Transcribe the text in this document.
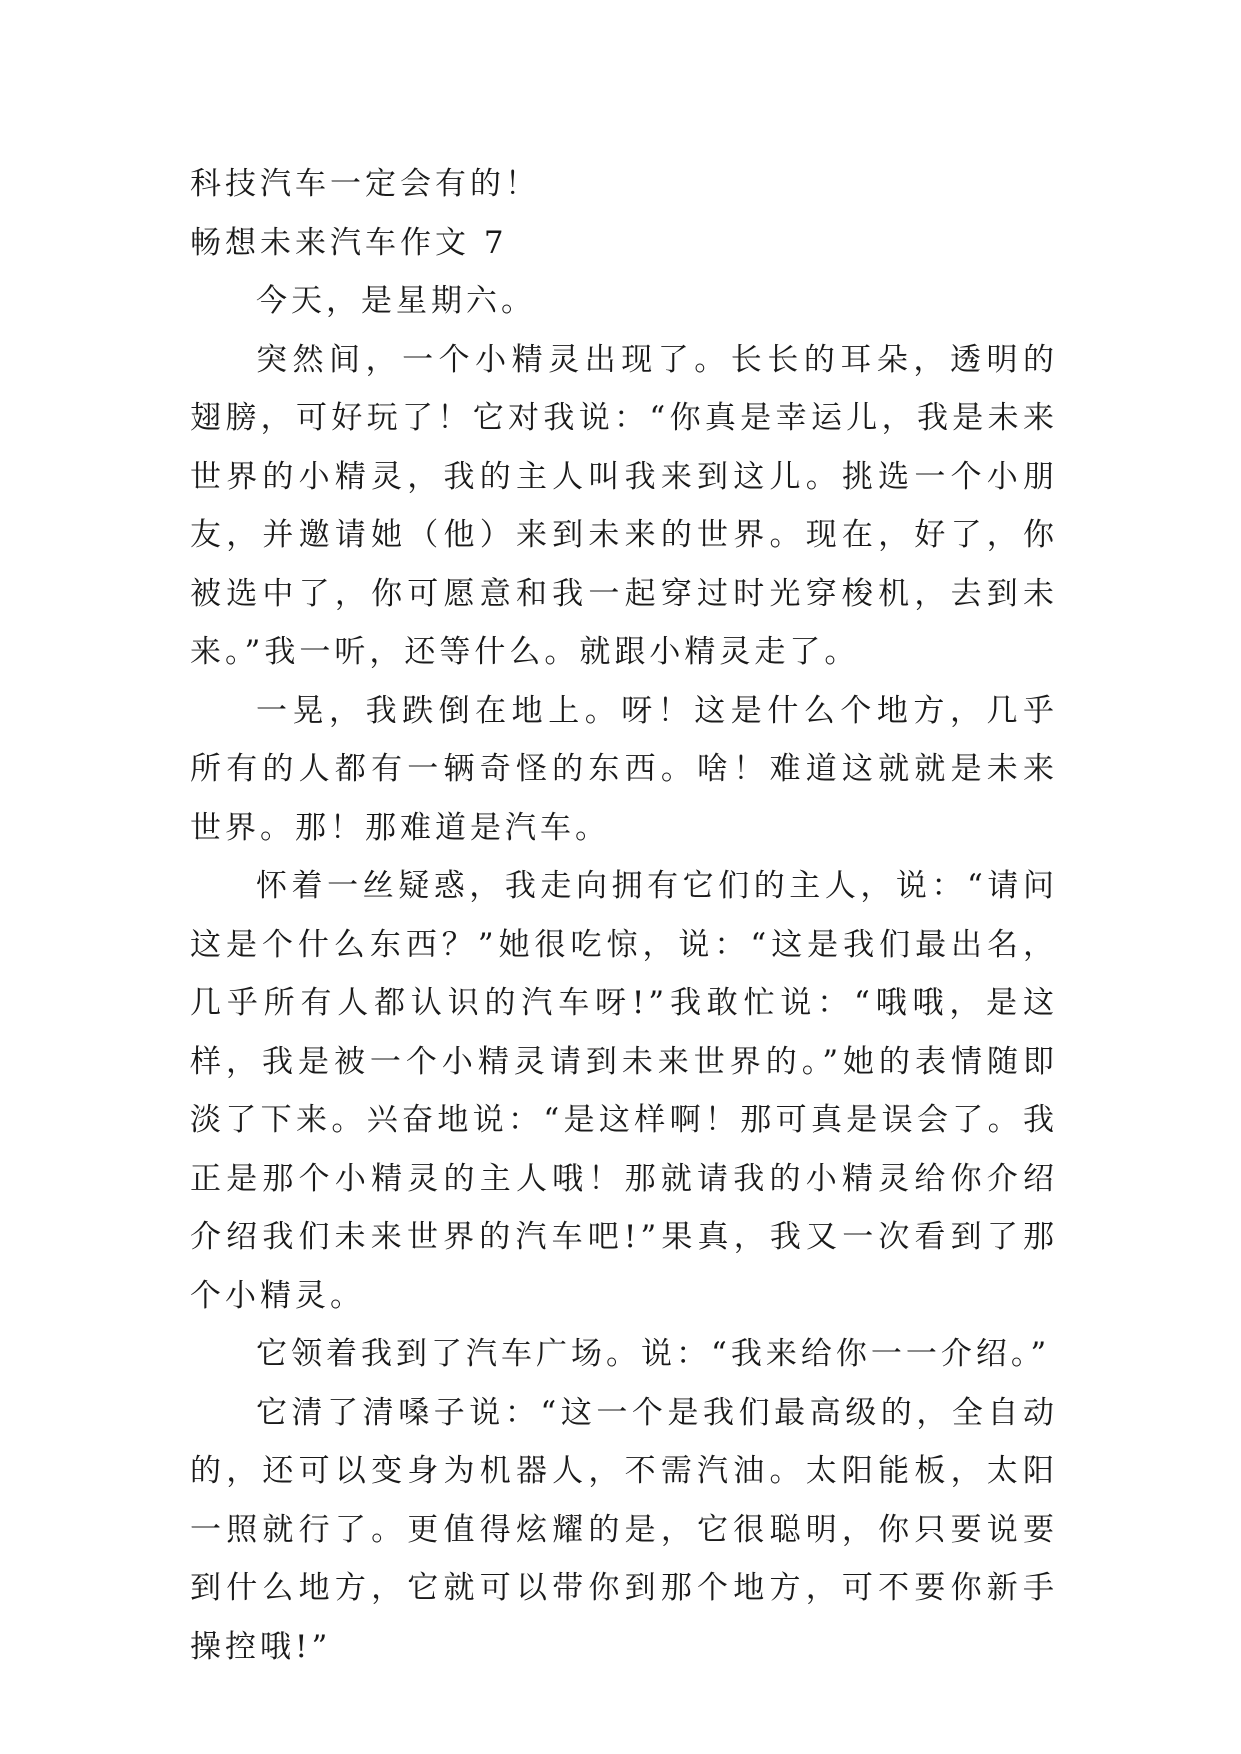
科技汽车一定会有的！

畅想未来汽车作文 7

今天，是星期六。

突然间，一个小精灵出现了。长长的耳朵，透明的翅膀，可好玩了！它对我说：“你真是幸运儿，我是未来世界的小精灵，我的主人叫我来到这儿。挑选一个小朋友，并邀请她（他）来到未来的世界。现在，好了，你被选中了，你可愿意和我一起穿过时光穿梭机，去到未来。”我一听，还等什么。就跟小精灵走了。

一晃，我跌倒在地上。呀！这是什么个地方，几乎所有的人都有一辆奇怪的东西。啥！难道这就就是未来世界。那！那难道是汽车。

怀着一丝疑惑，我走向拥有它们的主人，说：“请问这是个什么东西？”她很吃惊，说：“这是我们最出名，几乎所有人都认识的汽车呀!”我敢忙说：“哦哦，是这样，我是被一个小精灵请到未来世界的。”她的表情随即淡了下来。兴奋地说：“是这样啊！那可真是误会了。我正是那个小精灵的主人哦！那就请我的小精灵给你介绍介绍我们未来世界的汽车吧!”果真，我又一次看到了那个小精灵。

它领着我到了汽车广场。说：“我来给你一一介绍。”

它清了清嗓子说：“这一个是我们最高级的，全自动的，还可以变身为机器人，不需汽油。太阳能板，太阳一照就行了。更值得炫耀的是，它很聪明，你只要说要到什么地方，它就可以带你到那个地方，可不要你新手操控哦!”
